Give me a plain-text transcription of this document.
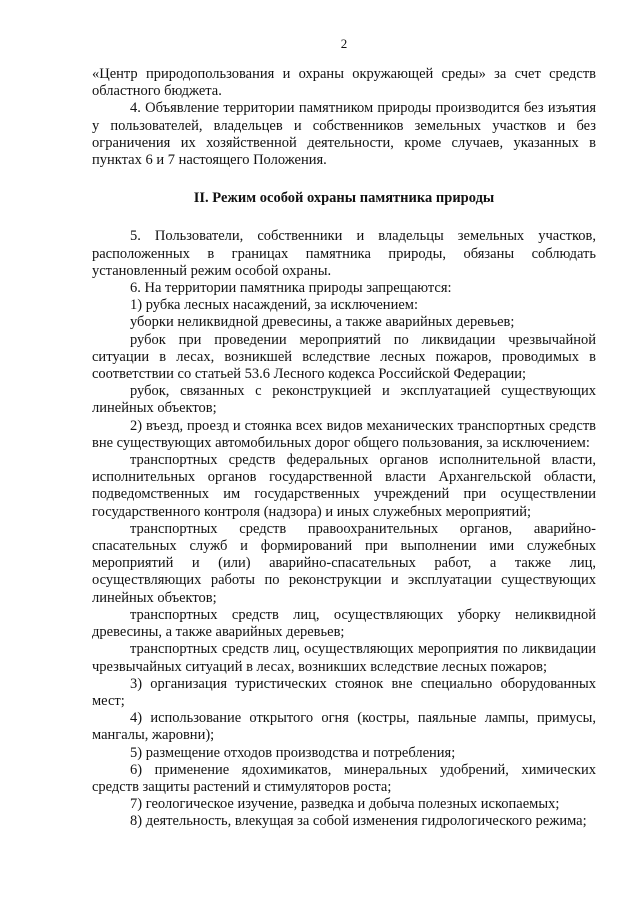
2

«Центр природопользования и охраны окружающей среды» за счет средств областного бюджета.

4. Объявление территории памятником природы производится без изъятия у пользователей, владельцев и собственников земельных участков и без ограничения их хозяйственной деятельности, кроме случаев, указанных в пунктах 6 и 7 настоящего Положения.

II. Режим особой охраны памятника природы

5. Пользователи, собственники и владельцы земельных участков, расположенных в границах памятника природы, обязаны соблюдать установленный режим особой охраны.

6. На территории памятника природы запрещаются:

1) рубка лесных насаждений, за исключением:

уборки неликвидной древесины, а также аварийных деревьев;

рубок при проведении мероприятий по ликвидации чрезвычайной ситуации в лесах, возникшей вследствие лесных пожаров, проводимых в соответствии со статьей 53.6 Лесного кодекса Российской Федерации;

рубок, связанных с реконструкцией и эксплуатацией существующих линейных объектов;

2) въезд, проезд и стоянка всех видов механических транспортных средств вне существующих автомобильных дорог общего пользования, за исключением:

транспортных средств федеральных органов исполнительной власти, исполнительных органов государственной власти Архангельской области, подведомственных им государственных учреждений при осуществлении государственного контроля (надзора) и иных служебных мероприятий;

транспортных средств правоохранительных органов, аварийно-спасательных служб и формирований при выполнении ими служебных мероприятий и (или) аварийно-спасательных работ, а также лиц, осуществляющих работы по реконструкции и эксплуатации существующих линейных объектов;

транспортных средств лиц, осуществляющих уборку неликвидной древесины, а также аварийных деревьев;

транспортных средств лиц, осуществляющих мероприятия по ликвидации чрезвычайных ситуаций в лесах, возникших вследствие лесных пожаров;

3) организация туристических стоянок вне специально оборудованных мест;

4) использование открытого огня (костры, паяльные лампы, примусы, мангалы, жаровни);

5) размещение отходов производства и потребления;

6) применение ядохимикатов, минеральных удобрений, химических средств защиты растений и стимуляторов роста;

7) геологическое изучение, разведка и добыча полезных ископаемых;

8) деятельность, влекущая за собой изменения гидрологического режима;
